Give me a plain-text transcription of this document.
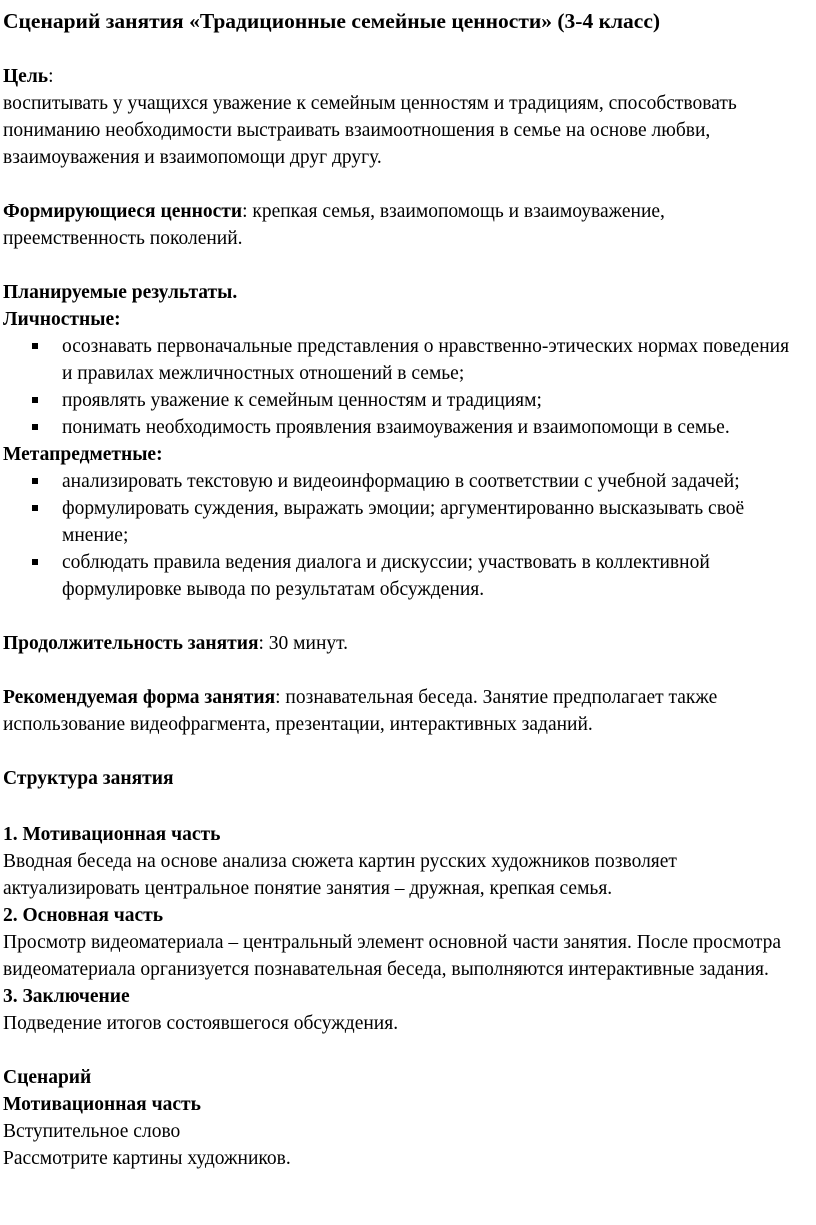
Сценарий занятия «Традиционные семейные ценности» (3-4 класс)

Цель:

воспитывать у учащихся уважение к семейным ценностям и традициям, способствовать пониманию необходимости выстраивать взаимоотношения в семье на основе любви, взаимоуважения и взаимопомощи друг другу.

Формирующиеся ценности: крепкая семья, взаимопомощь и взаимоуважение, преемственность поколений.

Планируемые результаты.

Личностные:

осознавать первоначальные представления о нравственно-этических нормах поведения и правилах межличностных отношений в семье;
проявлять уважение к семейным ценностям и традициям;
понимать необходимость проявления взаимоуважения и взаимопомощи в семье.

Метапредметные:

анализировать текстовую и видеоинформацию в соответствии с учебной задачей;
формулировать суждения, выражать эмоции; аргументированно высказывать своё мнение;
соблюдать правила ведения диалога и дискуссии; участвовать в коллективной формулировке вывода по результатам обсуждения.

Продолжительность занятия: 30 минут.

Рекомендуемая форма занятия: познавательная беседа. Занятие предполагает также использование видеофрагмента, презентации, интерактивных заданий.

Структура занятия

1. Мотивационная часть

Вводная беседа на основе анализа сюжета картин русских художников позволяет актуализировать центральное понятие занятия – дружная, крепкая семья.

2. Основная часть

Просмотр видеоматериала – центральный элемент основной части занятия. После просмотра видеоматериала организуется познавательная беседа, выполняются интерактивные задания.

3. Заключение

Подведение итогов состоявшегося обсуждения.

Сценарий

Мотивационная часть

Вступительное слово

Рассмотрите картины художников.
